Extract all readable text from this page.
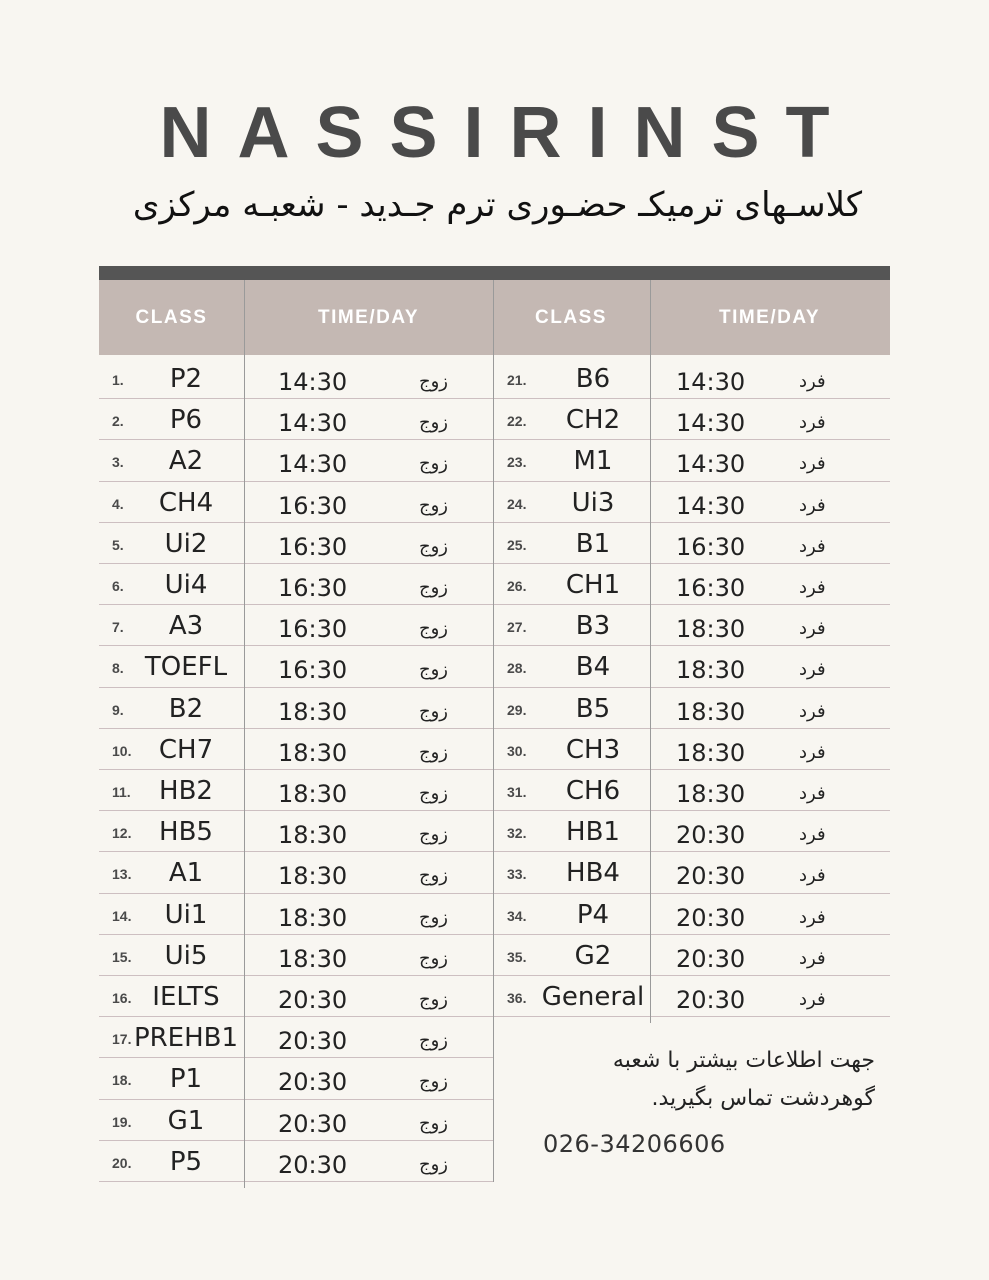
NASSIRINST
کلاسـهای ترمیکـ حضـوری ترم جـدید - شعبـه مرکزی
CLASS	TIME/DAY	CLASS	TIME/DAY
1.	P2	14:30	زوج
2.	P6	14:30	زوج
3.	A2	14:30	زوج
4.	CH4	16:30	زوج
5.	Ui2	16:30	زوج
6.	Ui4	16:30	زوج
7.	A3	16:30	زوج
8. TOEFL	16:30	زوج
9.	B2	18:30	زوج
10.	CH7	18:30	زوج
11.	HB2	18:30	زوج
12.	HB5	18:30	زوج
13.	A1	18:30	زوج
14.	Ui1	18:30	زوج
15.	Ui5	18:30	زوج
16. IELTS	20:30	زوج
17. PREHB1 20:30	زوج
18.	P1	20:30	زوج
19.	G1	20:30	زوج
20.	P5	20:30	زوج
21.	B6	14:30	فرد
22.	CH2	14:30	فرد
23.	M1	14:30	فرد
24.	Ui3	14:30	فرد
25.	B1	16:30	فرد
26.	CH1	16:30	فرد
27.	B3	18:30	فرد
28.	B4	18:30	فرد
29.	B5	18:30	فرد
30.	CH3	18:30	فرد
31.	CH6	18:30	فرد
32.	HB1	20:30	فرد
33.	HB4	20:30	فرد
34.	P4	20:30	فرد
35.	G2	20:30	فرد
36. General 20:30	فرد
جهت اطلاعات بیشتر با شعبه
گوهردشت تماس بگیرید.
026-34206606
